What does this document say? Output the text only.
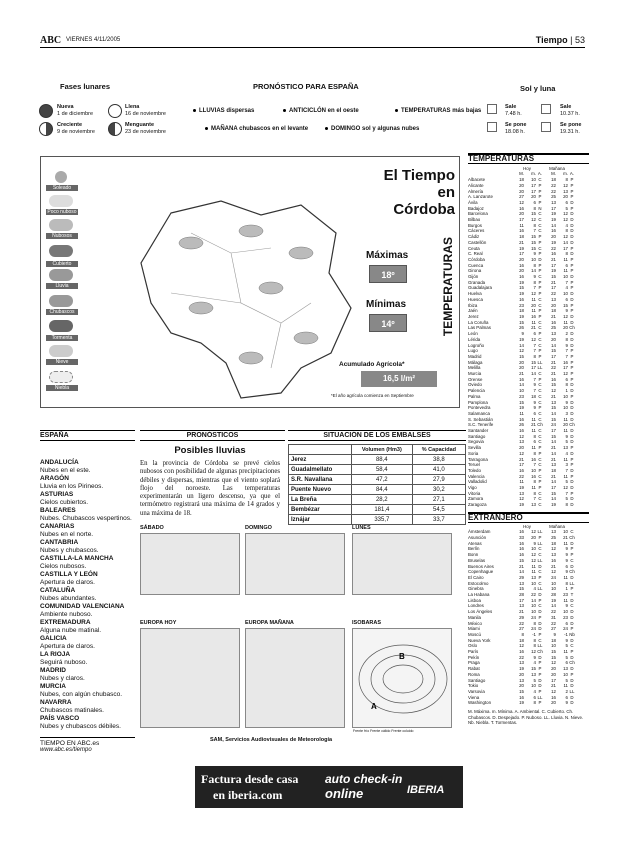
ABC VIERNES 4/11/2005	Tiempo | 53
Fases lunares	PRONÓSTICO PARA ESPAÑA	Sol y luna
Nueva
1 de diciembre
Llena
16 de noviembre
Creciente
9 de noviembre
Menguante
23 de noviembre
LLUVIAS dispersas	ANTICICLÓN en el oeste	TEMPERATURAS más bajas
MAÑANA chubascos en el levante	DOMINGO sol y algunas nubes
Sale
7.48 h.
Sale
10.37 h.
Se pone
18.08 h.
Se pone
19.31 h.
Soleado
Poco nuboso
Nubosos
Cubierto
Lluvia
Chubascos
Tormenta
Nieve
Niebla
El Tiempo
en Córdoba
Máximas
18º
Mínimas
14º	TEMPERATURAS
Acumulado Agrícola*
16,5 l/m²
*El año agrícola comienza en Septiembre
TEMPERATURAS
Hoy	Mañana
M.	m. A.	M.	m. A.
Albacete	18	10 C	18	8 P
Alicante	20	17 P	22	12 P
Almería	20	17 P	22	13 P
A. Lanzarote	27	20 P	25	20 P
Ávila	12	6 P	13	6 D
Badajoz	16	8 N	17	5 P
Barcelona	20	15 C	19	12 D
Bilbao	17	12 C	19	12 D
Burgos	11	8 C	14	4 D
Cáceres	16	7 C	16	8 D
Cádiz	18	15 P	20	12 D
Castellón	21	15 P	19	14 D
Ceuta	19	15 C	22	17 P
C. Real	17	9 P	16	8 D
Córdoba	20	10 D	21	11 P
Cuenca	16	8 P	17	6 P
Girona	20	14 P	19	11 P
Gijón	16	9 C	15	10 D
Granada	19	8 P	21	7 P
Guadalajara	15	7 P	17	4 P
Huelva	19	12 P	22	10 D
Huesca	16	11 C	13	6 D
Ibiza	23	20 C	20	15 P
Jaén	18	11 P	18	9 P
Jerez	19	16 P	21	12 D
La Coruña	15	11 C	16	11 D
Las Palmas	26	21 C	25	20 Ch
León	9	6 P	13	2 D
Lérida	19	12 C	20	8 D
Logroño	14	7 C	14	9 D
Lugo	12	7 P	15	7 P
Madrid	15	8 P	17	7 P
Málaga	20	15 LL	21	16 P
Melilla	20	17 LL	22	17 P
Murcia	21	14 C	21	12 P
Orense	16	7 P	16	6 P
Oviedo	14	9 C	15	8 D
Palencia	10	7 C	12	1 D
Palma	23	18 C	21	10 P
Pamplona	15	9 C	13	9 D
Pontevedra	19	9 P	15	10 D
Salamanca	11	6 C	14	3 D
S. Sebastián	16	11 C	15	11 D
S.C. Tenerife	26	21 Ch	24	20 Ch
Santander	16	11 C	17	11 D
Santiago	12	8 C	15	9 D
Segovia	13	6 C	14	5 D
Sevilla	20	11 P	21	13 P
Soria	12	8 P	14	4 D
Tarragona	21	16 C	21	11 P
Teruel	17	7 C	13	3 P
Toledo	16	10 P	18	7 D
Valencia	22	16 C	21	11 P
Valladolid	11	8 P	14	5 D
Vigo	19	11 P	17	12 D
Vitoria	13	8 C	15	7 P
Zamora	12	7 C	14	5 D
Zaragoza	19	13 C	19	8 D
EXTRANJERO
Hoy	Mañana
Ámsterdam	16	12 LL	13	10 C
Asunción	33	20 P	25	21 Ch
Atenas	16	9 LL	18	11 D
Berlín	16	10 C	12	9 P
Bonn	16	12 C	13	9 P
Bruselas	15	12 LL	16	9 C
Buenos Aires	21	11 D	21	6 D
Copenhague	14	11 C	12	9 Ch
El Cairo	29	13 P	24	11 D
Estocolmo	13	10 C	10	8 LL
Ginebra	15	4 LL	10	1 P
La Habana	28	22 D	28	23 T
Lisboa	17	14 P	19	11 D
Londres	13	10 C	14	9 C
Los Ángeles	21	10 D	22	10 D
Manila	29	24 P	31	23 D
México	22	8 D	22	6 D
Miami	27	24 D	27	24 P
Moscú	8	-1 P	9	-1 Nb
Nueva York	18	8 C	18	9 D
Oslo	12	8 LL	10	5 C
París	16	12 Ch	15	11 P
Pekín	22	9 D	15	5 D
Praga	13	4 P	12	6 Ch
Rabat	19	15 P	20	13 D
Roma	20	13 P	20	10 P
Santiago	13	5 D	17	5 D
Tokio	20	10 D	21	11 D
Varsovia	15	4 P	12	2 LL
Viena	16	6 LL	16	6 D
Washington	19	8 P	20	9 D
M. Máxima. m. Mínima. A. Ambiental. C. Cubierto. Ch. Chubascos. D. Despejado. P. Nuboso. LL. Lluvia. N. Nieve. Nb. Niebla. T. Tormentas.
ESPAÑA
ANDALUCÍA
Nubes en el este.
ARAGÓN
Lluvia en los Pirineos.
ASTURIAS
Cielos cubiertos.
BALEARES
Nubes. Chubascos vespertinos.
CANARIAS
Nubes en el norte.
CANTABRIA
Nubes y chubascos.
CASTILLA-LA MANCHA
Cielos nubosos.
CASTILLA Y LEÓN
Apertura de claros.
CATALUÑA
Nubes abundantes.
COMUNIDAD VALENCIANA
Ambiente nuboso.
EXTREMADURA
Alguna nube matinal.
GALICIA
Apertura de claros.
LA RIOJA
Seguirá nuboso.
MADRID
Nubes y claros.
MURCIA
Nubes, con algún chubasco.
NAVARRA
Chubascos matinales.
PAÍS VASCO
Nubes y chubascos débiles.
TIEMPO EN ABC.es
www.abc.es/tiempo
PRONÓSTICOS
Posibles lluvias

En la provincia de Córdoba se prevé cielos nubosos con posibilidad de algunas precipitaciones débiles y dispersas, mientras que el viento soplará flojo del noroeste. Las temperaturas experimentarán un ligero descenso, ya que el termómetro registrará una máxima de 14 grados y una máxima de 18.

SITUACIÓN DE LOS EMBALSES
	Volumen (Hm3)	% Capacidad
Jerez	88,4	38,8
Guadalmellato	58,4	41,0
S.R. Navallana	47,2	27,9
Puente Nuevo	84,4	30,2
La Breña	28,2	27,1
Bembézar	181,4	54,5
Iznájar	335,7	33,7
SÁBADO	DOMINGO	LUNES
EUROPA HOY	EUROPA MAÑANA	ISOBARAS
B
A
Frente frío Frente cálido Frente ocluido
SAM, Servicios Audiovisuales de Meteorología
Factura desde casa
en iberia.com
auto check-in
online	IBERIA
